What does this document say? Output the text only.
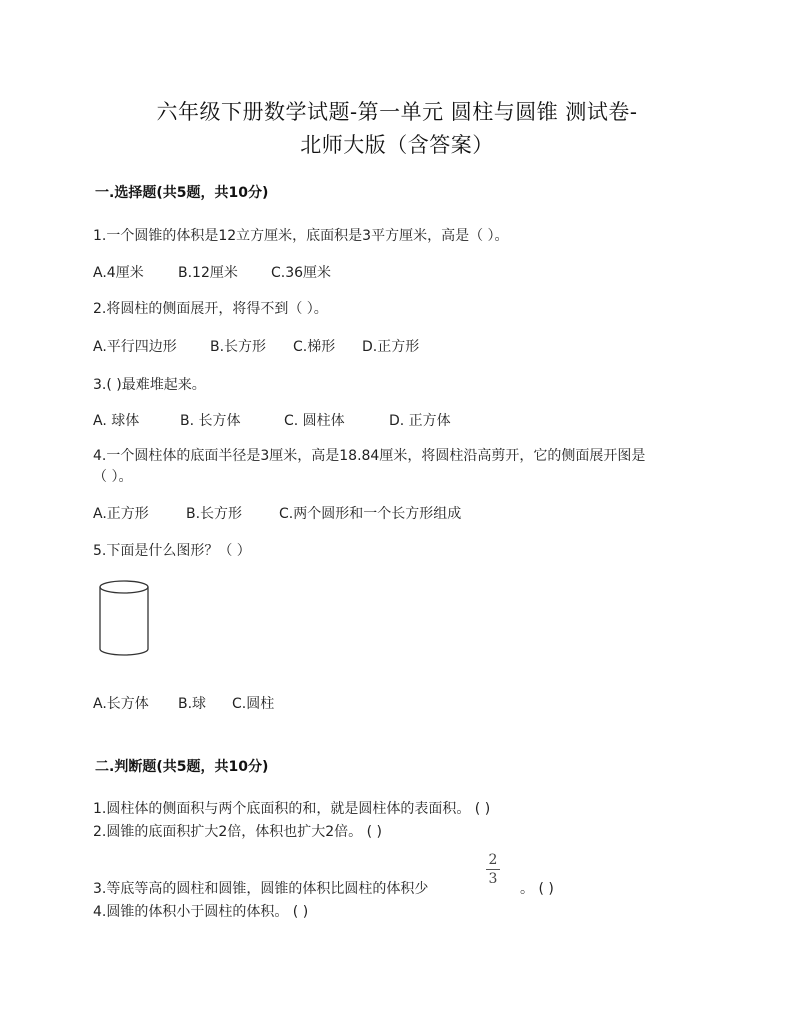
六年级下册数学试题-第一单元 圆柱与圆锥 测试卷-
北师大版（含答案）
一.选择题(共5题，共10分)
1.一个圆锥的体积是12立方厘米，底面积是3平方厘米，高是（ ）。
A.4厘米 B.12厘米 C.36厘米
2.将圆柱的侧面展开，将得不到（ ）。
A.平行四边形 B.长方形 C.梯形 D.正方形
3.( )最难堆起来。
A. 球体	B. 长方体	C. 圆柱体	D. 正方体
4.一个圆柱体的底面半径是3厘米，高是18.84厘米，将圆柱沿高剪开，它的侧面展开图是
（ ）。
A.正方形	B.长方形	C.两个圆形和一个长方形组成
5.下面是什么图形？（ ）
A.长方体 B.球 C.圆柱
二.判断题(共5题，共10分)
1.圆柱体的侧面积与两个底面积的和，就是圆柱体的表面积。 ( )
2.圆锥的底面积扩大2倍，体积也扩大2倍。 ( )
3.等底等高的圆柱和圆锥，圆锥的体积比圆柱的体积少
2
3
。 ( )
4.圆锥的体积小于圆柱的体积。 ( )
